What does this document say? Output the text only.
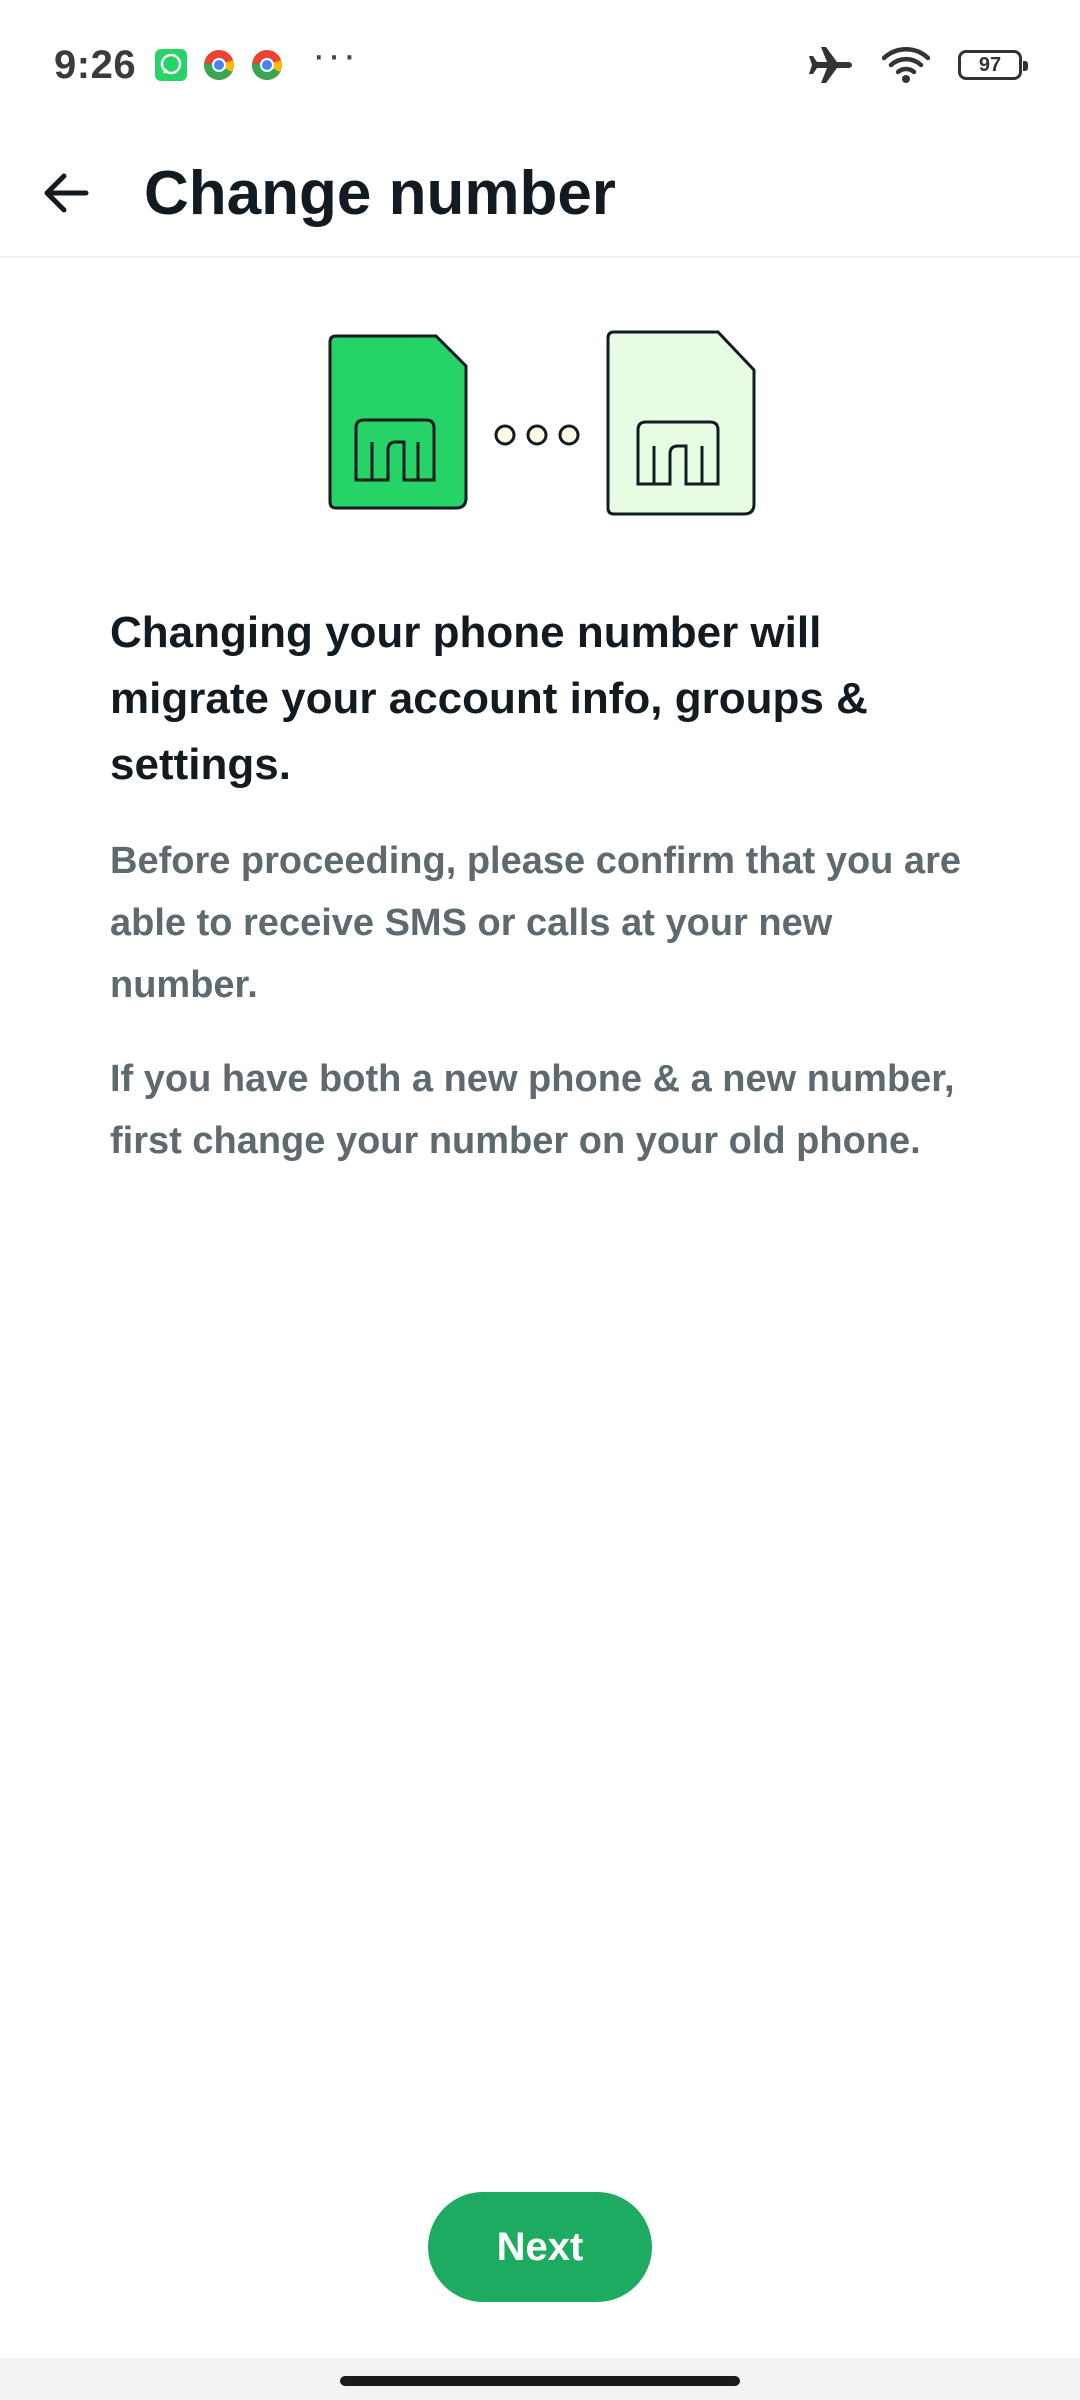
9:26	···	97
Change number

Changing your phone number will migrate your account info, groups & settings.

Before proceeding, please confirm that you are able to receive SMS or calls at your new number.

If you have both a new phone & a new number, first change your number on your old phone.

Next
